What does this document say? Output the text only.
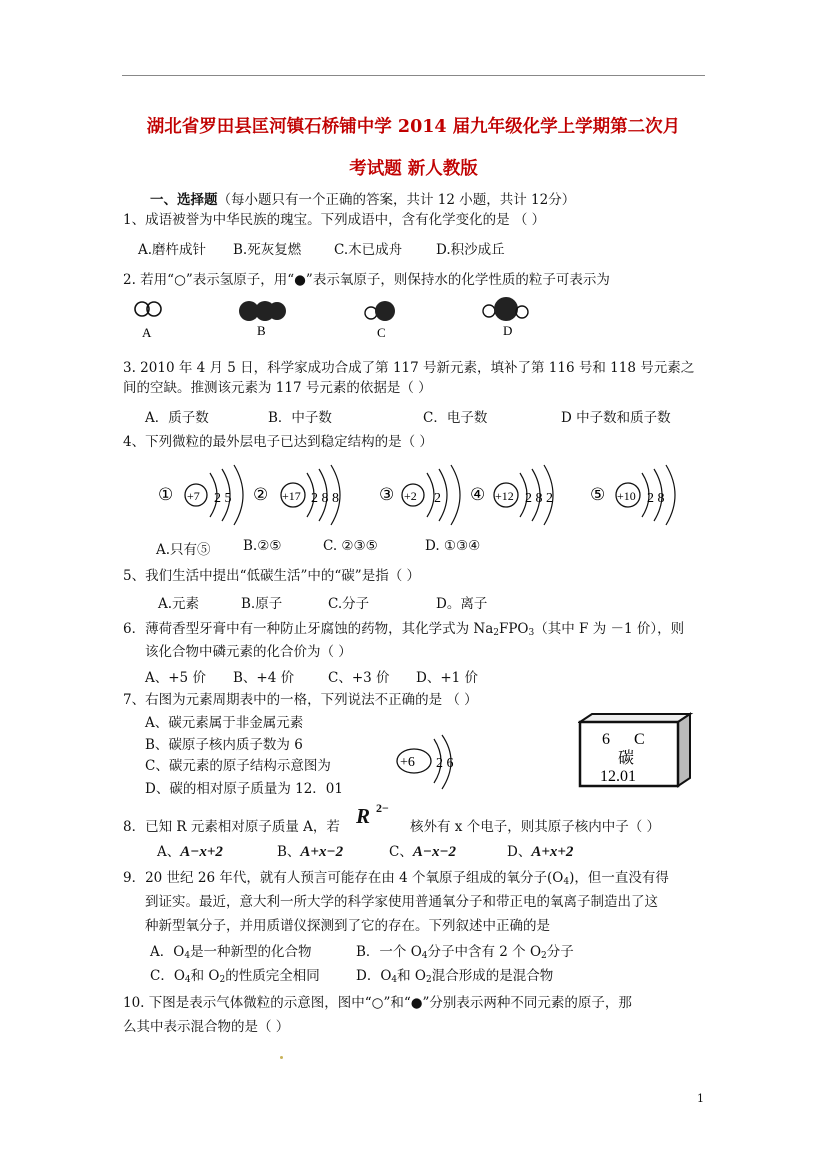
湖北省罗田县匡河镇石桥铺中学 2014 届九年级化学上学期第二次月
考试题 新人教版
一、选择题（每小题只有一个正确的答案，共计 12 小题，共计 12分）
1、成语被誉为中华民族的瑰宝。下列成语中，含有化学变化的是 （ ）
A.磨杵成针 B.死灰复燃 C.木已成舟	D.积沙成丘
2. 若用“○”表示氢原子，用“●”表示氧原子，则保持水的化学性质的粒子可表示为
A	B	C	D
3. 2010 年 4 月 5 日，科学家成功合成了第 117 号新元素，填补了第 116 号和 118 号元素之
间的空缺。推测该元素为 117 号元素的依据是（ ）
A．质子数	B．中子数	C．电子数	D 中子数和质子数
4、下列微粒的最外层电子已达到稳定结构的是（ ）
① +7 2 5 ② +17 2 8 8 ③ +2 2 ④ +12 2 8 2 ⑤ +10 2 8
A.只有⑤ B.②⑤	C. ②③⑤	D. ①③④
5、我们生活中提出“低碳生活”中的“碳”是指（ ）
A.元素	B.原子	C.分子	D。离子
6．薄荷香型牙膏中有一种防止牙腐蚀的药物，其化学式为 $Na_2FPO_3$（其中 F 为 －1 价），则
该化合物中磷元素的化合价为（ ）
A、+5 价 B、+4 价	C、+3 价 D、+1 价
7、右图为元素周期表中的一格，下列说法不正确的是 （ ）
A、碳元素属于非金属元素
B、碳原子核内质子数为 6
C、碳元素的原子结构示意图为
D、碳的相对原子质量为 12．01
+6 2 6
6 C
碳
12.01
8．已知 R 元素相对原子质量 A，若 R 2−
核外有 x 个电子，则其原子核内中子（ ）
A、A−x+2	B、A+x−2	C、A−x−2	D、A+x+2
9．20 世纪 26 年代，就有人预言可能存在由 4 个氧原子组成的氧分子$(O_4)$，但一直没有得
到证实。最近，意大利一所大学的科学家使用普通氧分子和带正电的氧离子制造出了这
种新型氧分子，并用质谱仪探测到了它的存在。下列叙述中正确的是
A．$O_4$是一种新型的化合物	B．一个 $O_4$分子中含有 2 个 $O_2$分子
C．$O_4$和 $O_2$的性质完全相同	D．$O_4$和 $O_2$混合形成的是混合物
10. 下图是表示气体微粒的示意图，图中“○”和“●”分别表示两种不同元素的原子，那
么其中表示混合物的是（ ）
1
